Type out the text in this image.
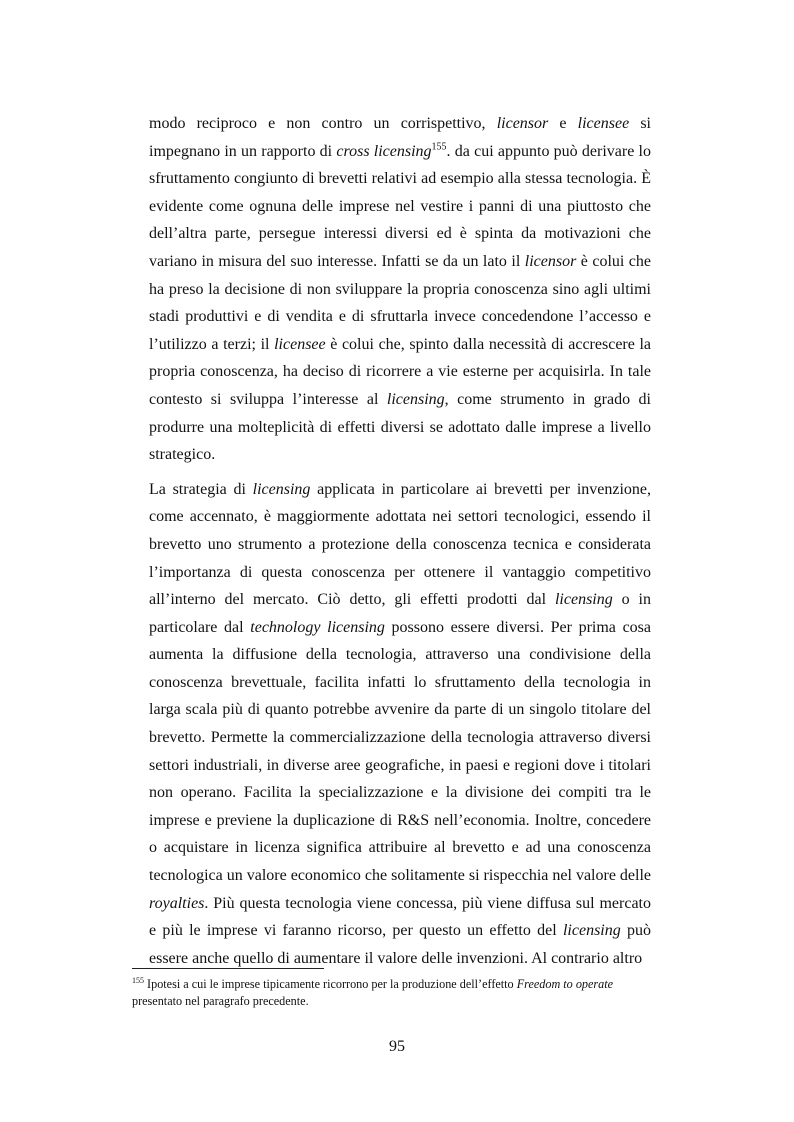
modo reciproco e non contro un corrispettivo, licensor e licensee si impegnano in un rapporto di cross licensing$^{155}$. da cui appunto può derivare lo sfruttamento congiunto di brevetti relativi ad esempio alla stessa tecnologia. È evidente come ognuna delle imprese nel vestire i panni di una piuttosto che dell’altra parte, persegue interessi diversi ed è spinta da motivazioni che variano in misura del suo interesse. Infatti se da un lato il licensor è colui che ha preso la decisione di non sviluppare la propria conoscenza sino agli ultimi stadi produttivi e di vendita e di sfruttarla invece concedendone l’accesso e l’utilizzo a terzi; il licensee è colui che, spinto dalla necessità di accrescere la propria conoscenza, ha deciso di ricorrere a vie esterne per acquisirla. In tale contesto si sviluppa l’interesse al licensing, come strumento in grado di produrre una molteplicità di effetti diversi se adottato dalle imprese a livello strategico.

La strategia di licensing applicata in particolare ai brevetti per invenzione, come accennato, è maggiormente adottata nei settori tecnologici, essendo il brevetto uno strumento a protezione della conoscenza tecnica e considerata l’importanza di questa conoscenza per ottenere il vantaggio competitivo all’interno del mercato. Ciò detto, gli effetti prodotti dal licensing o in particolare dal technology licensing possono essere diversi. Per prima cosa aumenta la diffusione della tecnologia, attraverso una condivisione della conoscenza brevettuale, facilita infatti lo sfruttamento della tecnologia in larga scala più di quanto potrebbe avvenire da parte di un singolo titolare del brevetto. Permette la commercializzazione della tecnologia attraverso diversi settori industriali, in diverse aree geografiche, in paesi e regioni dove i titolari non operano. Facilita la specializzazione e la divisione dei compiti tra le imprese e previene la duplicazione di R&S nell’economia. Inoltre, concedere o acquistare in licenza significa attribuire al brevetto e ad una conoscenza tecnologica un valore economico che solitamente si rispecchia nel valore delle royalties. Più questa tecnologia viene concessa, più viene diffusa sul mercato e più le imprese vi faranno ricorso, per questo un effetto del licensing può essere anche quello di aumentare il valore delle invenzioni. Al contrario altro

$^{155}$ Ipotesi a cui le imprese tipicamente ricorrono per la produzione dell’effetto Freedom to operate presentato nel paragrafo precedente.
95
